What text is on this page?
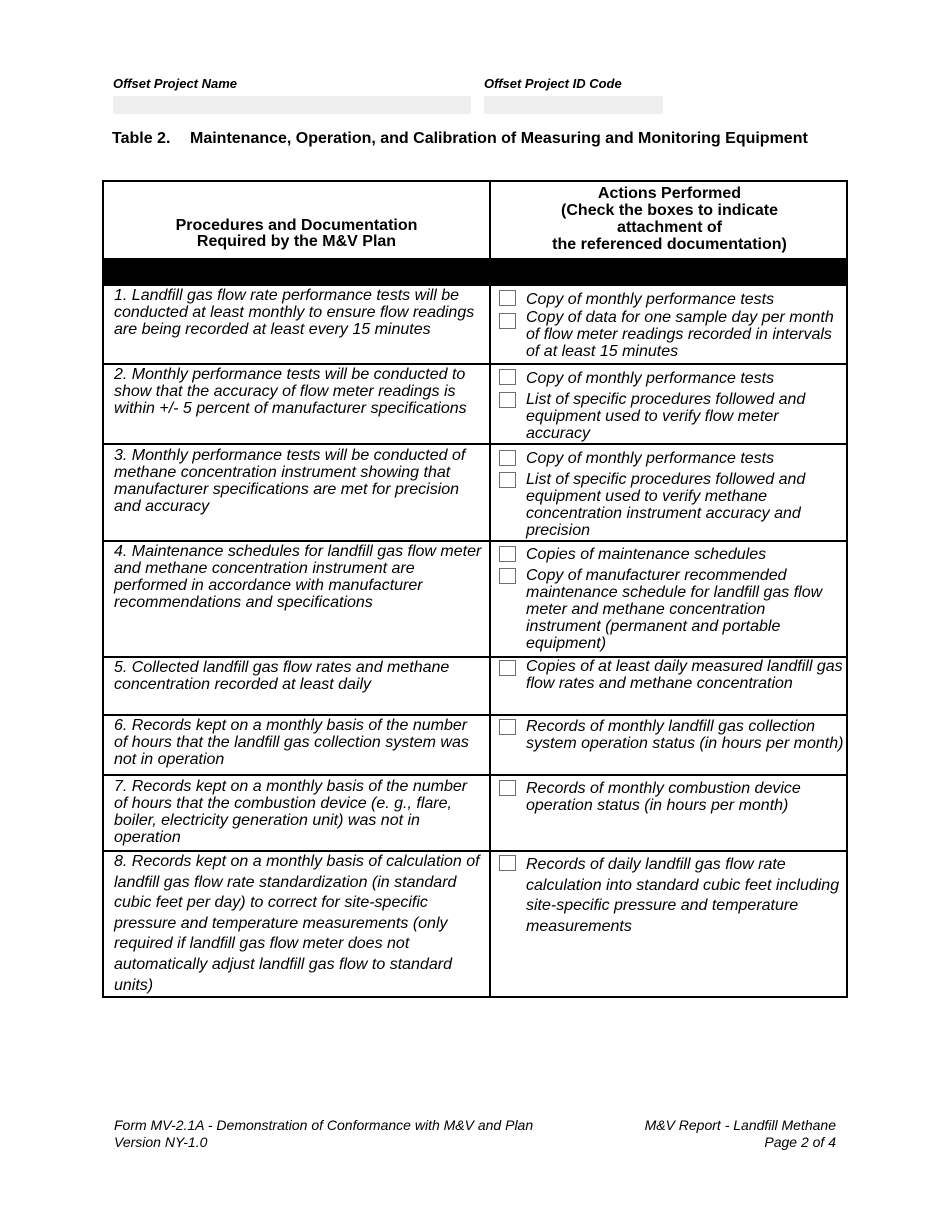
Offset Project Name	Offset Project ID Code
Table 2. Maintenance, Operation, and Calibration of Measuring and Monitoring Equipment
Procedures and Documentation
Required by the M&V Plan
Actions Performed
(Check the boxes to indicate
attachment of
the referenced documentation)
1. Landfill gas flow rate performance tests will be conducted at least monthly to ensure flow readings are being recorded at least every 15 minutes
Copy of monthly performance tests
Copy of data for one sample day per month of flow meter readings recorded in intervals of at least 15 minutes
2. Monthly performance tests will be conducted to show that the accuracy of flow meter readings is within +/- 5 percent of manufacturer specifications
Copy of monthly performance tests
List of specific procedures followed and equipment used to verify flow meter accuracy
3. Monthly performance tests will be conducted of methane concentration instrument showing that manufacturer specifications are met for precision and accuracy
Copy of monthly performance tests
List of specific procedures followed and equipment used to verify methane concentration instrument accuracy and precision
4. Maintenance schedules for landfill gas flow meter and methane concentration instrument are performed in accordance with manufacturer recommendations and specifications
Copies of maintenance schedules
Copy of manufacturer recommended maintenance schedule for landfill gas flow meter and methane concentration instrument (permanent and portable equipment)
5. Collected landfill gas flow rates and methane concentration recorded at least daily
Copies of at least daily measured landfill gas flow rates and methane concentration
6. Records kept on a monthly basis of the number of hours that the landfill gas collection system was not in operation
Records of monthly landfill gas collection system operation status (in hours per month)
7. Records kept on a monthly basis of the number of hours that the combustion device (e. g., flare, boiler, electricity generation unit) was not in operation
Records of monthly combustion device operation status (in hours per month)
8. Records kept on a monthly basis of calculation of landfill gas flow rate standardization (in standard cubic feet per day) to correct for site-specific pressure and temperature measurements (only required if landfill gas flow meter does not automatically adjust landfill gas flow to standard units)
Records of daily landfill gas flow rate calculation into standard cubic feet including site-specific pressure and temperature measurements
Form MV-2.1A - Demonstration of Conformance with M&V and Plan
Version NY-1.0
M&V Report - Landfill Methane
Page 2 of 4
